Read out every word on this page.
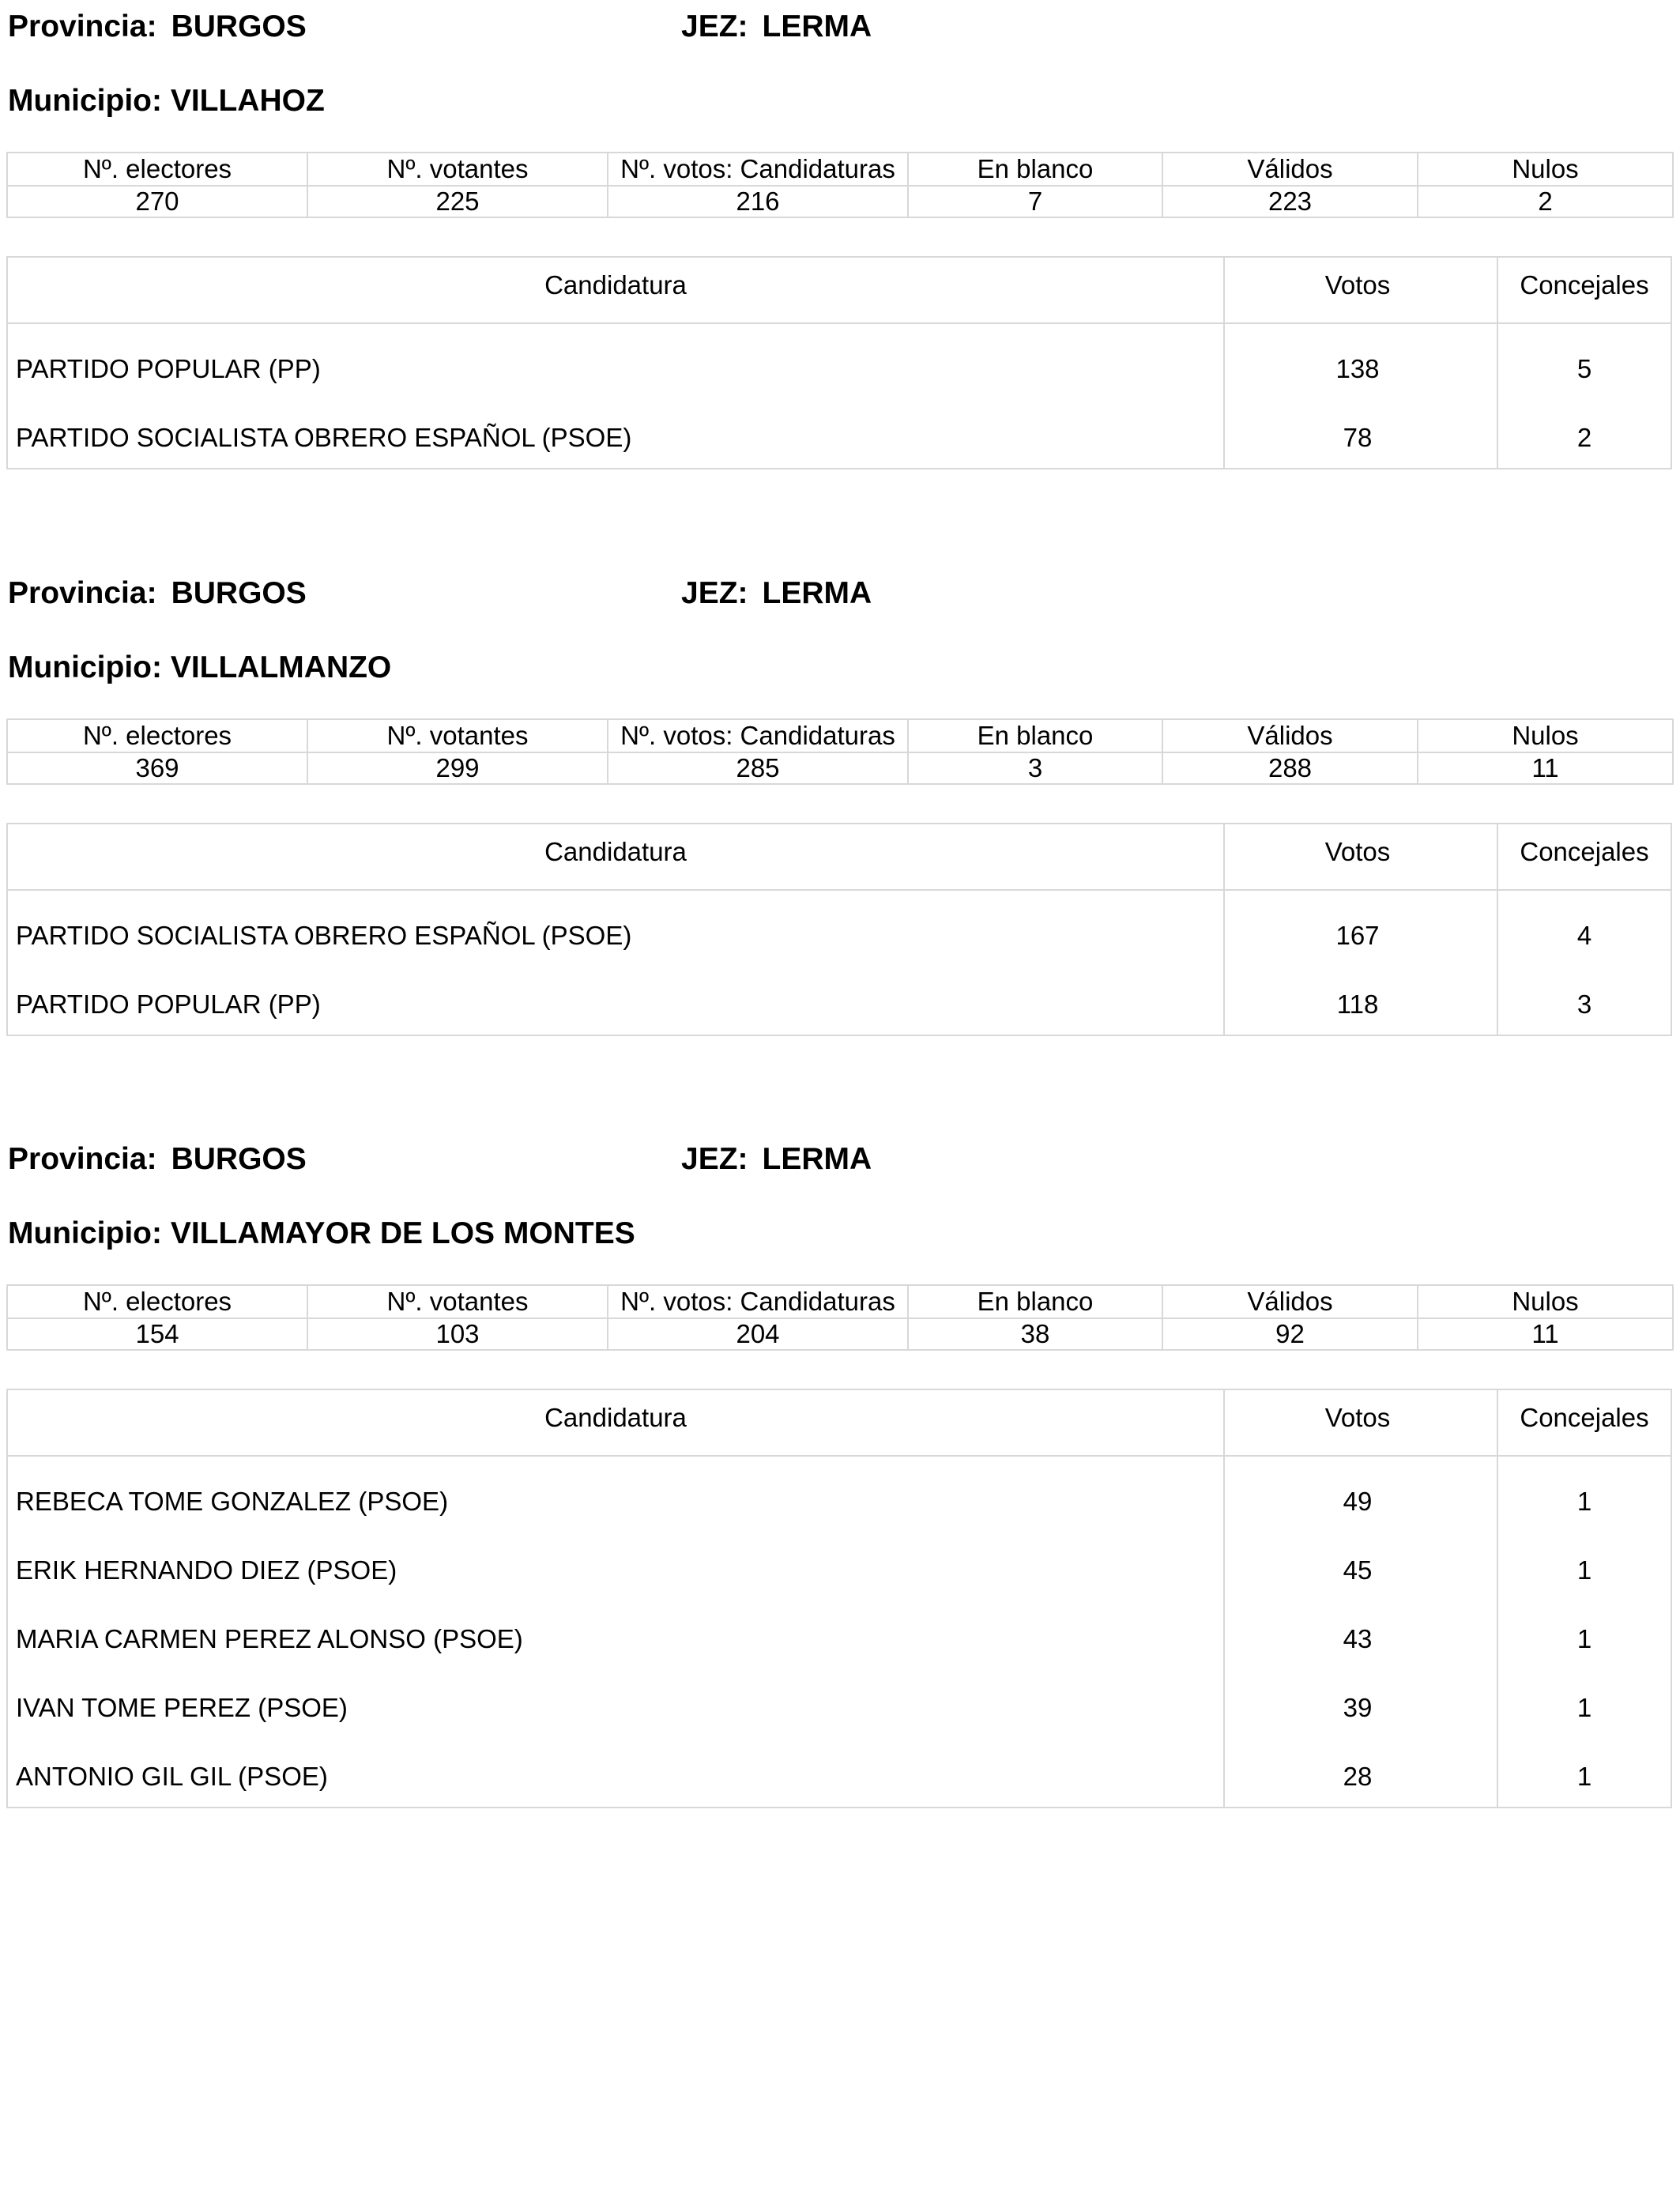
Provincia: BURGOS	JEZ: LERMA
Municipio: VILLAHOZ
Nº. electores	Nº. votantes	Nº. votos: Candidaturas	En blanco	Válidos	Nulos
270	225	216	7	223	2
Candidatura	Votos	Concejales
PARTIDO POPULAR (PP)	138	5
PARTIDO SOCIALISTA OBRERO ESPAÑOL (PSOE)	78	2
Provincia: BURGOS	JEZ: LERMA
Municipio: VILLALMANZO
Nº. electores	Nº. votantes	Nº. votos: Candidaturas	En blanco	Válidos	Nulos
369	299	285	3	288	11
Candidatura	Votos	Concejales
PARTIDO SOCIALISTA OBRERO ESPAÑOL (PSOE)	167	4
PARTIDO POPULAR (PP)	118	3
Provincia: BURGOS	JEZ: LERMA
Municipio: VILLAMAYOR DE LOS MONTES
Nº. electores	Nº. votantes	Nº. votos: Candidaturas	En blanco	Válidos	Nulos
154	103	204	38	92	11
Candidatura	Votos	Concejales
REBECA TOME GONZALEZ (PSOE)	49	1
ERIK HERNANDO DIEZ (PSOE)	45	1
MARIA CARMEN PEREZ ALONSO (PSOE)	43	1
IVAN TOME PEREZ (PSOE)	39	1
ANTONIO GIL GIL (PSOE)	28	1
